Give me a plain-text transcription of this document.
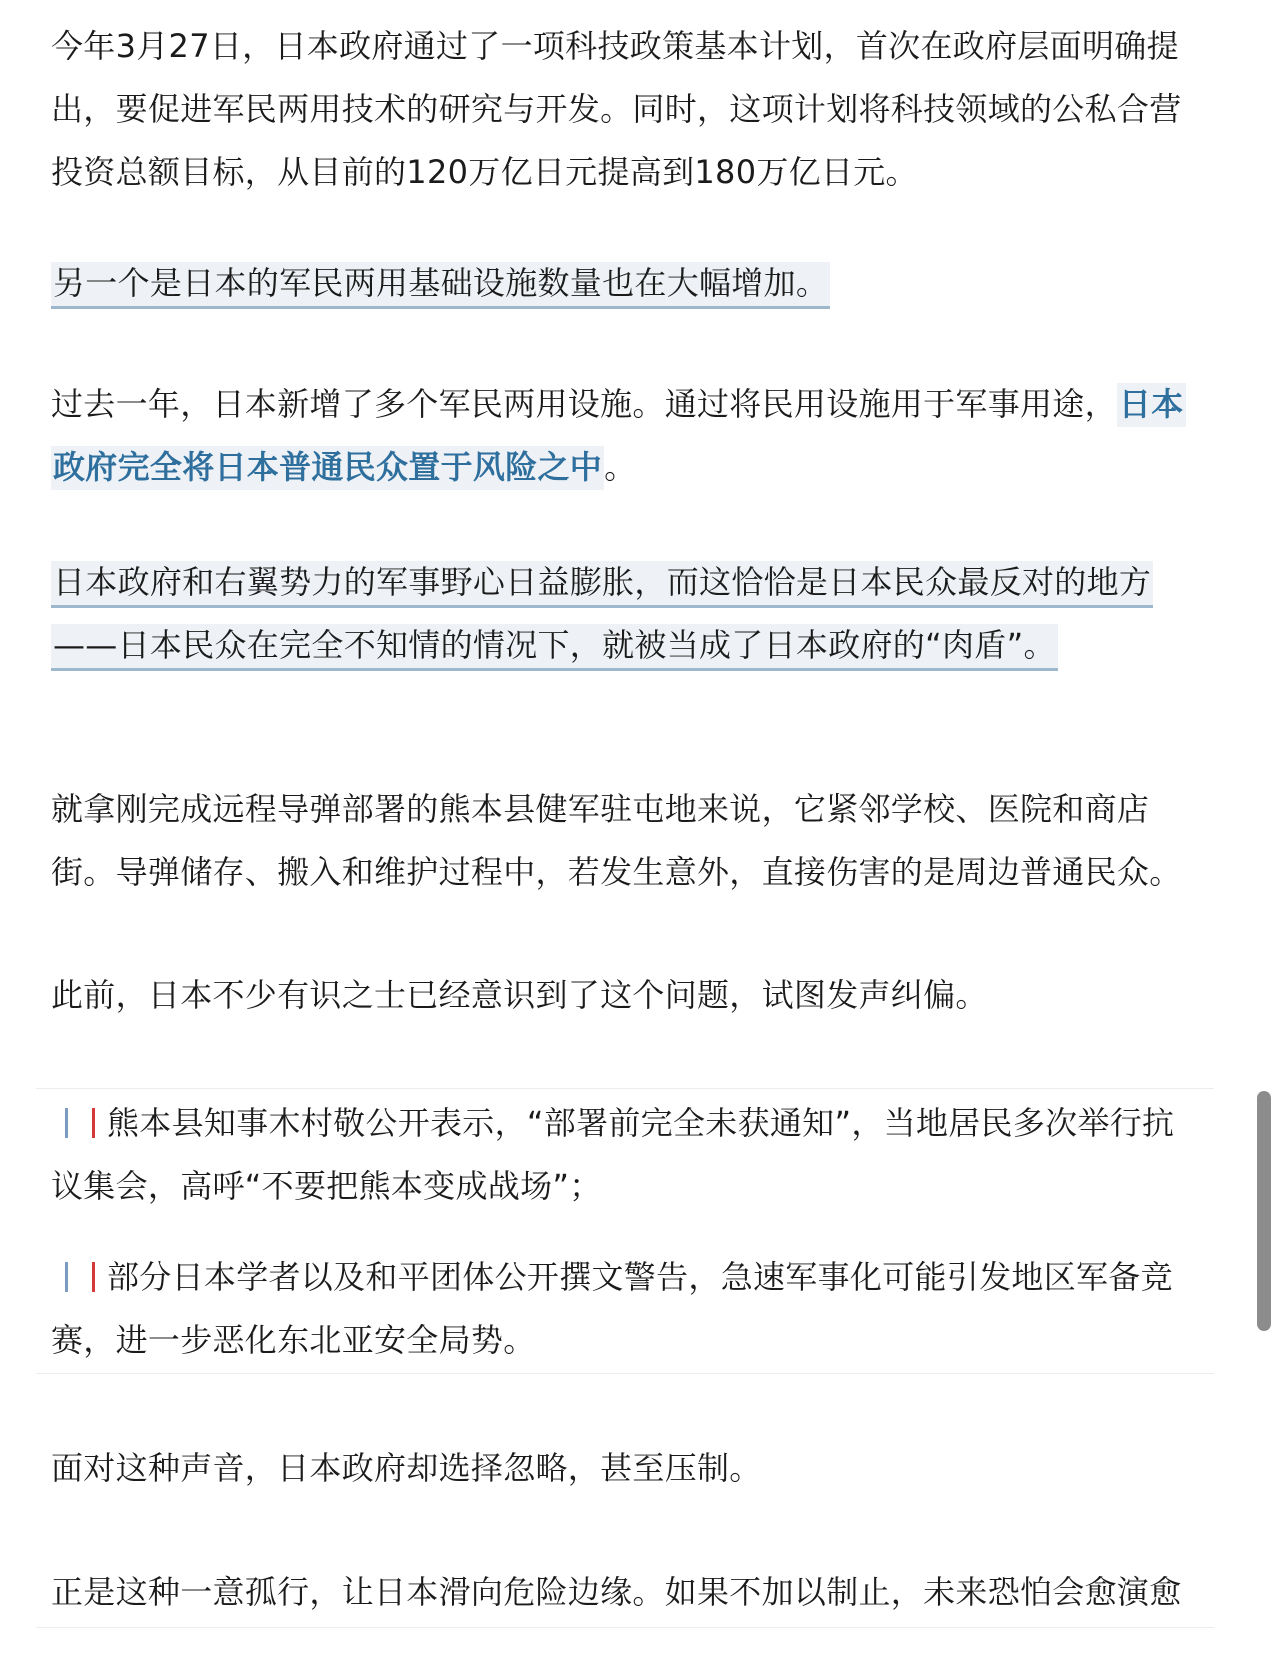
今年3月27日，日本政府通过了一项科技政策基本计划，首次在政府层面明确提出，要促进军民两用技术的研究与开发。同时，这项计划将科技领域的公私合营投资总额目标，从目前的120万亿日元提高到180万亿日元。

另一个是日本的军民两用基础设施数量也在大幅增加。

过去一年，日本新增了多个军民两用设施。通过将民用设施用于军事用途，日本政府完全将日本普通民众置于风险之中。

日本政府和右翼势力的军事野心日益膨胀，而这恰恰是日本民众最反对的地方——日本民众在完全不知情的情况下，就被当成了日本政府的“肉盾”。

就拿刚完成远程导弹部署的熊本县健军驻屯地来说，它紧邻学校、医院和商店街。导弹储存、搬入和维护过程中，若发生意外，直接伤害的是周边普通民众。

此前，日本不少有识之士已经意识到了这个问题，试图发声纠偏。

熊本县知事木村敬公开表示，“部署前完全未获通知”，当地居民多次举行抗议集会，高呼“不要把熊本变成战场”；

部分日本学者以及和平团体公开撰文警告，急速军事化可能引发地区军备竞赛，进一步恶化东北亚安全局势。

面对这种声音，日本政府却选择忽略，甚至压制。

正是这种一意孤行，让日本滑向危险边缘。如果不加以制止，未来恐怕会愈演愈
